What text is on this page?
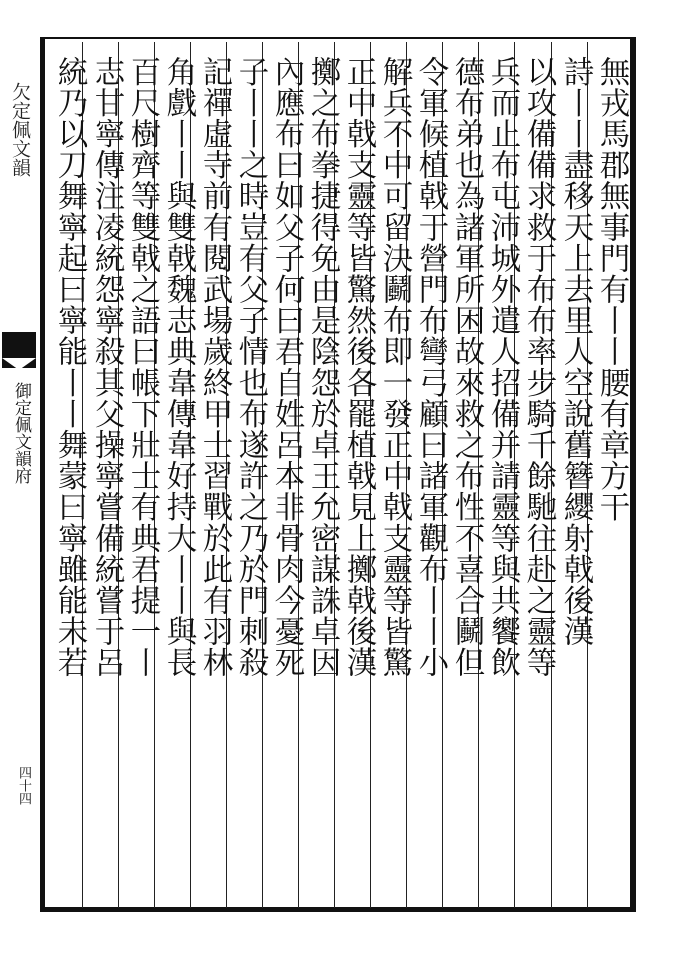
欠定佩文韻
御定佩文韻府
四十四
無戎馬郡無事門有丨丨腰有章方干
詩丨丨盡移天上去里人空說舊簪纓射戟後漢
以攻備備求救于布布率步騎千餘馳往赴之靈等
兵而止布屯沛城外遣人招備并請靈等與共饗飲
德布弟也為諸軍所困故來救之布性不喜合鬭但
令軍候植戟于營門布彎弓顧曰諸軍觀布丨丨小
解兵不中可留決鬬布即一發正中戟支靈等皆驚
正中戟支靈等皆驚然後各罷植戟見上擲戟後漢
擲之布拳捷得免由是陰怨於卓王允密謀誅卓因
內應布曰如父子何曰君自姓呂本非骨肉今憂死
子丨丨之時豈有父子情也布遂許之乃於門刺殺
記禪虛寺前有閱武場歲終甲士習戰於此有羽林
角戲丨丨與雙戟魏志典韋傳韋好持大丨丨與長
百尺樹齊等雙戟之語曰帳下壯士有典君提一丨
志甘寧傳注凌統怨寧殺其父操寧嘗備統嘗于呂
統乃以刀舞寧起曰寧能丨丨舞蒙曰寧雖能未若
